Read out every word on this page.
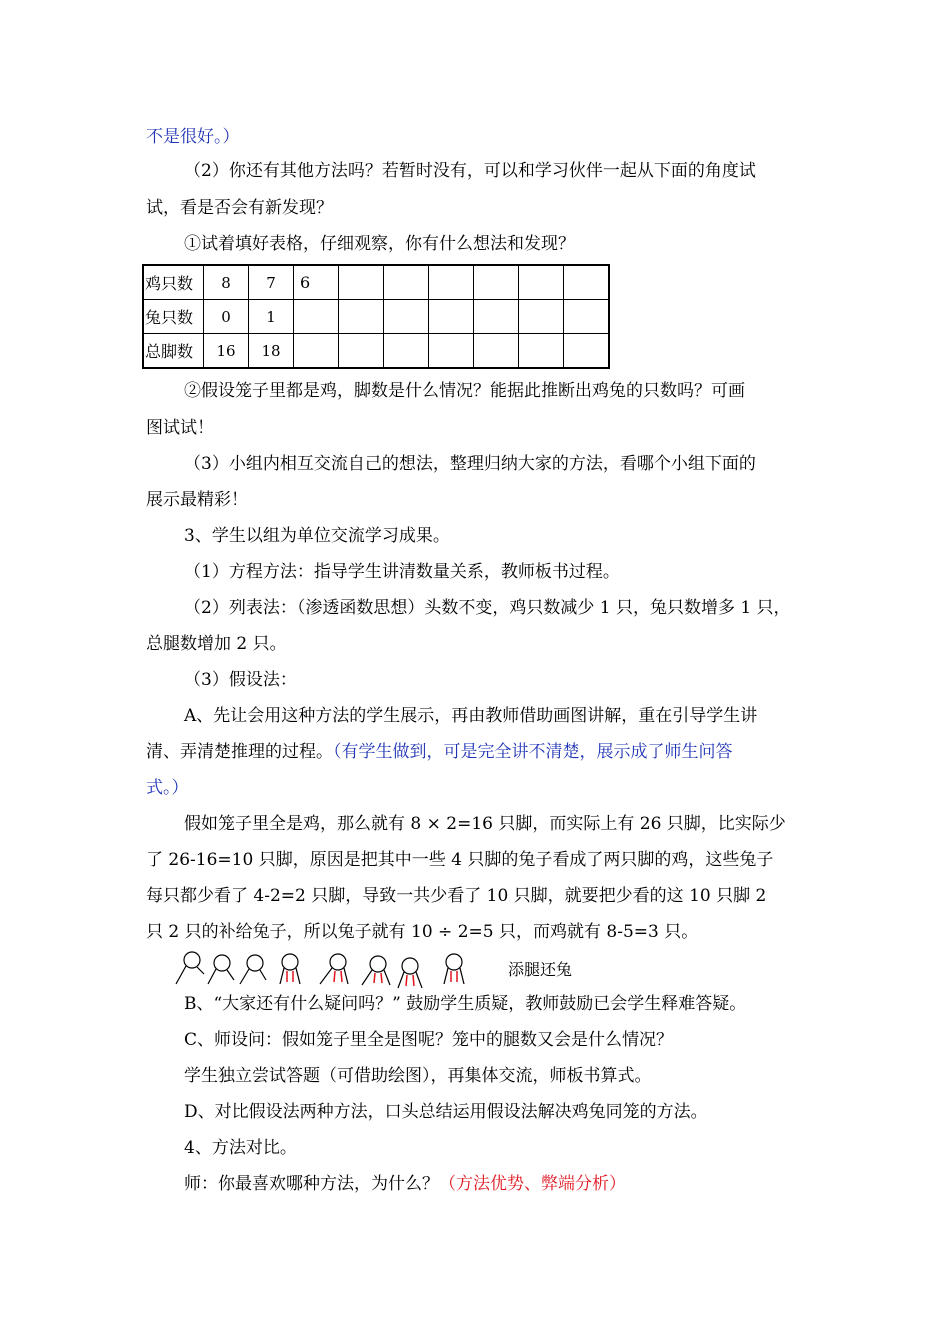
不是很好。）
（2）你还有其他方法吗？若暂时没有，可以和学习伙伴一起从下面的角度试
试，看是否会有新发现？
①试着填好表格，仔细观察，你有什么想法和发现？
鸡只数	8	7	6						
兔只数	0	1							
总脚数	16	18							
②假设笼子里都是鸡，脚数是什么情况？能据此推断出鸡兔的只数吗？可画
图试试！
（3）小组内相互交流自己的想法，整理归纳大家的方法，看哪个小组下面的
展示最精彩！
3、学生以组为单位交流学习成果。
（1）方程方法：指导学生讲清数量关系，教师板书过程。
（2）列表法：（渗透函数思想）头数不变，鸡只数减少 1 只，兔只数增多 1 只，
总腿数增加 2 只。
（3）假设法：
A、先让会用这种方法的学生展示，再由教师借助画图讲解，重在引导学生讲
清、弄清楚推理的过程。（有学生做到，可是完全讲不清楚，展示成了师生问答
式。）
假如笼子里全是鸡，那么就有 8 × 2=16 只脚，而实际上有 26 只脚，比实际少
了 26-16=10 只脚，原因是把其中一些 4 只脚的兔子看成了两只脚的鸡，这些兔子
每只都少看了 4-2=2 只脚，导致一共少看了 10 只脚，就要把少看的这 10 只脚 2
只 2 只的补给兔子，所以兔子就有 10 ÷ 2=5 只，而鸡就有 8-5=3 只。
添腿还兔
B、“大家还有什么疑问吗？” 鼓励学生质疑，教师鼓励已会学生释难答疑。
C、师设问：假如笼子里全是图呢？笼中的腿数又会是什么情况？
学生独立尝试答题（可借助绘图），再集体交流，师板书算式。
D、对比假设法两种方法，口头总结运用假设法解决鸡兔同笼的方法。
4、方法对比。
师：你最喜欢哪种方法，为什么？（方法优势、弊端分析）
